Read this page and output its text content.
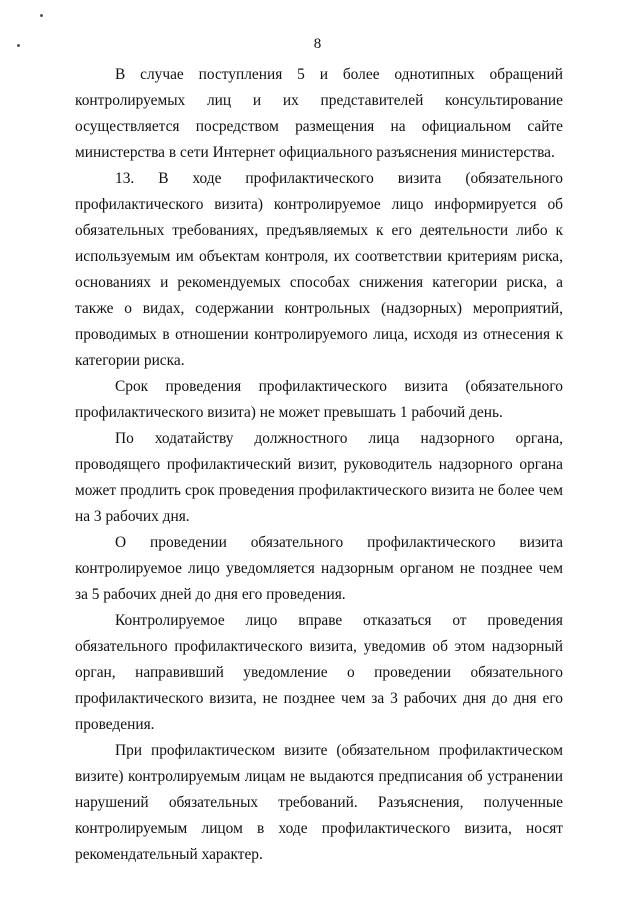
8

В случае поступления 5 и более однотипных обращений контролируемых лиц и их представителей консультирование осуществляется посредством размещения на официальном сайте министерства в сети Интернет официального разъяснения министерства.

13. В ходе профилактического визита (обязательного профилактического визита) контролируемое лицо информируется об обязательных требованиях, предъявляемых к его деятельности либо к используемым им объектам контроля, их соответствии критериям риска, основаниях и рекомендуемых способах снижения категории риска, а также о видах, содержании контрольных (надзорных) мероприятий, проводимых в отношении контролируемого лица, исходя из отнесения к категории риска.

Срок проведения профилактического визита (обязательного профилактического визита) не может превышать 1 рабочий день.

По ходатайству должностного лица надзорного органа, проводящего профилактический визит, руководитель надзорного органа может продлить срок проведения профилактического визита не более чем на 3 рабочих дня.

О проведении обязательного профилактического визита контролируемое лицо уведомляется надзорным органом не позднее чем за 5 рабочих дней до дня его проведения.

Контролируемое лицо вправе отказаться от проведения обязательного профилактического визита, уведомив об этом надзорный орган, направивший уведомление о проведении обязательного профилактического визита, не позднее чем за 3 рабочих дня до дня его проведения.

При профилактическом визите (обязательном профилактическом визите) контролируемым лицам не выдаются предписания об устранении нарушений обязательных требований. Разъяснения, полученные контролируемым лицом в ходе профилактического визита, носят рекомендательный характер.
